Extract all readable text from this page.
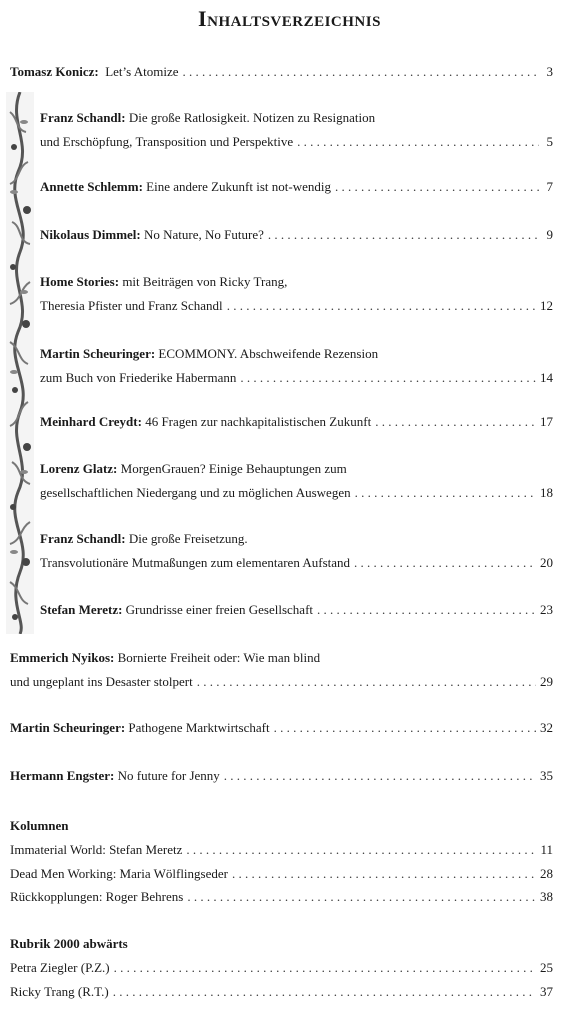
Inhaltsverzeichnis
Tomasz Konicz: Let’s Atomize . . .	3
Franz Schandl: Die große Ratlosigkeit. Notizen zu Resignation
und Erschöpfung, Transposition und Perspektive . . .	5
Annette Schlemm: Eine andere Zukunft ist not-wendig . . .	7
Nikolaus Dimmel: No Nature, No Future? . . .	9
Home Stories: mit Beiträgen von Ricky Trang,
Theresia Pfister und Franz Schandl . . .	12
Martin Scheuringer: ECOMMONY. Abschweifende Rezension
zum Buch von Friederike Habermann . . .	14
Meinhard Creydt: 46 Fragen zur nachkapitalistischen Zukunft . . .	17
Lorenz Glatz: MorgenGrauen? Einige Behauptungen zum
gesellschaftlichen Niedergang und zu möglichen Auswegen . . .	18
Franz Schandl: Die große Freisetzung.
Transvolutionäre Mutmaßungen zum elementaren Aufstand . . .	20
Stefan Meretz: Grundrisse einer freien Gesellschaft . . .	23
Emmerich Nyikos: Bornierte Freiheit oder: Wie man blind
und ungeplant ins Desaster stolpert . . .	29
Martin Scheuringer: Pathogene Marktwirtschaft . . .	32
Hermann Engster: No future for Jenny . . .	35
Kolumnen
Immaterial World: Stefan Meretz . . .	11
Dead Men Working: Maria Wölflingseder . . .	28
Rückkopplungen: Roger Behrens . . .	38
Rubrik 2000 abwärts
Petra Ziegler (P.Z.) . . .	25
Ricky Trang (R.T.) . . .	37
